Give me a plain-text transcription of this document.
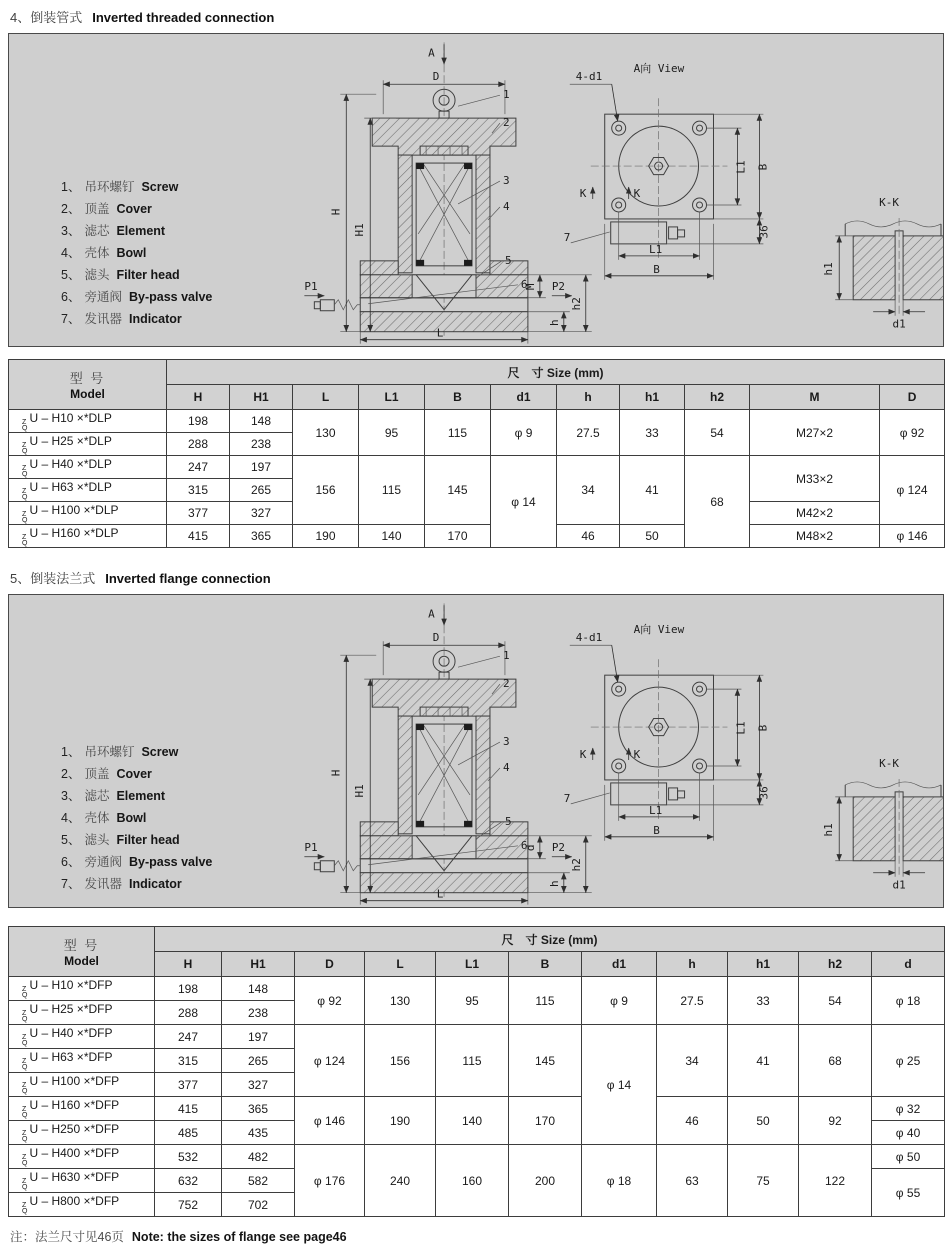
4、倒装管式 Inverted threaded connection
1、 吊环螺钉 Screw
2、 顶盖 Cover
3、 滤芯 Element
4、 壳体 Bowl
5、 滤头 Filter head
6、 旁通阀 By-pass valve
7、 发讯器 Indicator
A
D
P1	P2
H
H1
L
M
h
h2
1
2
3
4
5
6
A向 View
L1 B
36
L1
B
4-d1
7
K	K
K-K
h1
d1
型 号
Model	尺　寸 Size (mm)										
	H	H1	L	L1	B	d1	h	h1	h2	M	D

Z
Q
U – H10 ×*DLP	198	148	130	95	115	φ 9	27.5	33	54	M27×2	φ 92

Z
Q
U – H25 ×*DLP	288	238									

Z
Q
U – H40 ×*DLP	247	197	156	115	145	φ 14	34	41	68	M33×2	φ 124

Z
Q
U – H63 ×*DLP	315	265									

Z
Q
U – H100 ×*DLP	377	327								M42×2	

Z
Q
U – H160 ×*DLP	415	365	190	140	170		46	50		M48×2	φ 146
5、倒装法兰式 Inverted flange connection
1、 吊环螺钉 Screw
2、 顶盖 Cover
3、 滤芯 Element
4、 壳体 Bowl
5、 滤头 Filter head
6、 旁通阀 By-pass valve
7、 发讯器 Indicator
A
D
P1	P2
H
H1
L
d
h
h2
1
2
3
4
5
6
A向 View
L1 B
36
L1
B
4-d1
7
K	K
K-K
h1
d1
型 号
Model	尺　寸 Size (mm)										
	H	H1	D	L	L1	B	d1	h	h1	h2	d

Z
Q
U – H10 ×*DFP	198	148	φ 92	130	95	115	φ 9	27.5	33	54	φ 18

Z
Q
U – H25 ×*DFP	288	238									

Z
Q
U – H40 ×*DFP	247	197	φ 124	156	115	145	φ 14	34	41	68	φ 25

Z
Q
U – H63 ×*DFP	315	265									

Z
Q
U – H100 ×*DFP	377	327									

Z
Q
U – H160 ×*DFP	415	365	φ 146	190	140	170		46	50	92	φ 32

Z
Q
U – H250 ×*DFP	485	435									φ 40

Z
Q
U – H400 ×*DFP	532	482	φ 176	240	160	200	φ 18	63	75	122	φ 50

Z
Q
U – H630 ×*DFP	632	582									φ 55

Z
Q
U – H800 ×*DFP	752	702									
注：法兰尺寸见46页 Note: the sizes of flange see page46
